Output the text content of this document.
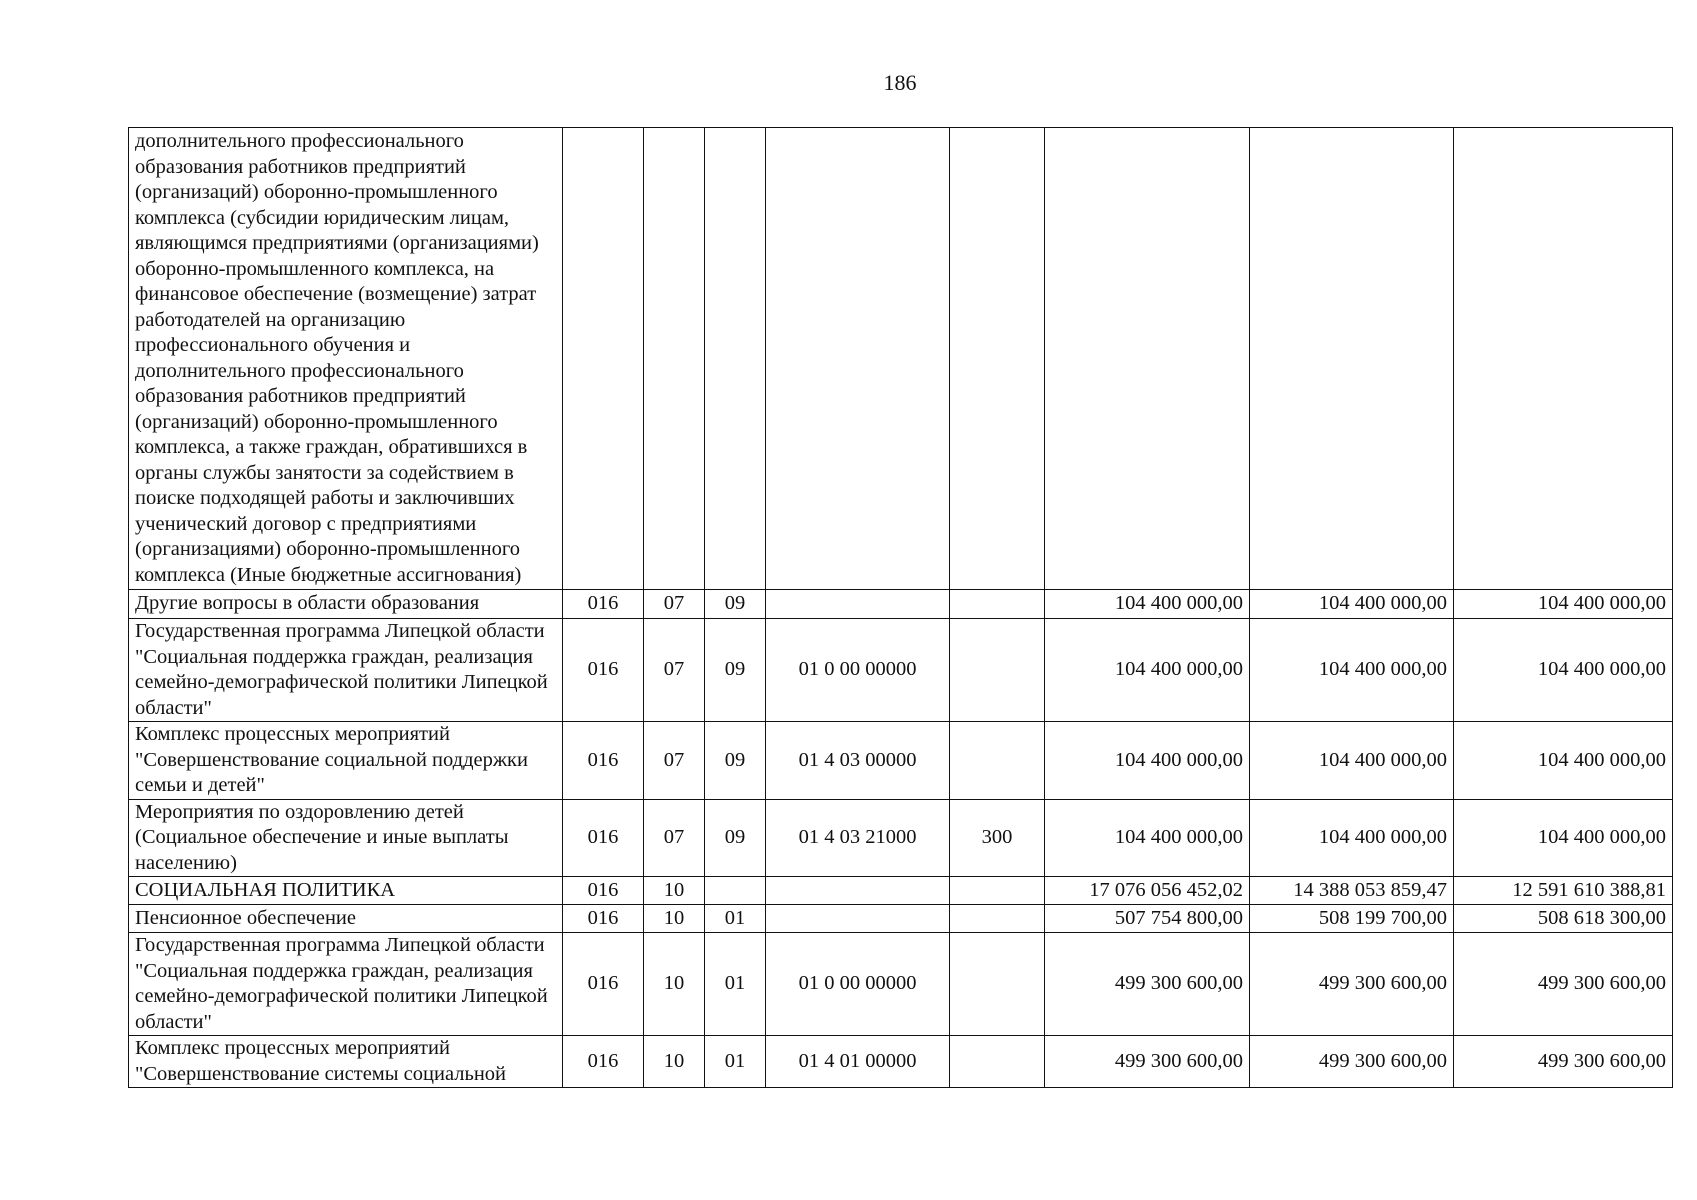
186
дополнительного профессионального образования работников предприятий (организаций) оборонно-промышленного комплекса (субсидии юридическим лицам, являющимся предприятиями (организациями) оборонно-промышленного комплекса, на финансовое обеспечение (возмещение) затрат работодателей на организацию профессионального обучения и дополнительного профессионального образования работников предприятий (организаций) оборонно-промышленного комплекса, а также граждан, обратившихся в органы службы занятости за содействием в поиске подходящей работы и заключивших ученический договор с предприятиями (организациями) оборонно-промышленного комплекса (Иные бюджетные ассигнования)								
Другие вопросы в области образования	016	07	09			104 400 000,00	104 400 000,00	104 400 000,00
Государственная программа Липецкой области "Социальная поддержка граждан, реализация семейно-демографической политики Липецкой области"	016	07	09	01 0 00 00000		104 400 000,00	104 400 000,00	104 400 000,00
Комплекс процессных мероприятий "Совершенствование социальной поддержки семьи и детей"	016	07	09	01 4 03 00000		104 400 000,00	104 400 000,00	104 400 000,00
Мероприятия по оздоровлению детей (Социальное обеспечение и иные выплаты населению)	016	07	09	01 4 03 21000	300	104 400 000,00	104 400 000,00	104 400 000,00
СОЦИАЛЬНАЯ ПОЛИТИКА	016	10				17 076 056 452,02	14 388 053 859,47	12 591 610 388,81
Пенсионное обеспечение	016	10	01			507 754 800,00	508 199 700,00	508 618 300,00
Государственная программа Липецкой области "Социальная поддержка граждан, реализация семейно-демографической политики Липецкой области"	016	10	01	01 0 00 00000		499 300 600,00	499 300 600,00	499 300 600,00
Комплекс процессных мероприятий "Совершенствование системы социальной	016	10	01	01 4 01 00000		499 300 600,00	499 300 600,00	499 300 600,00
